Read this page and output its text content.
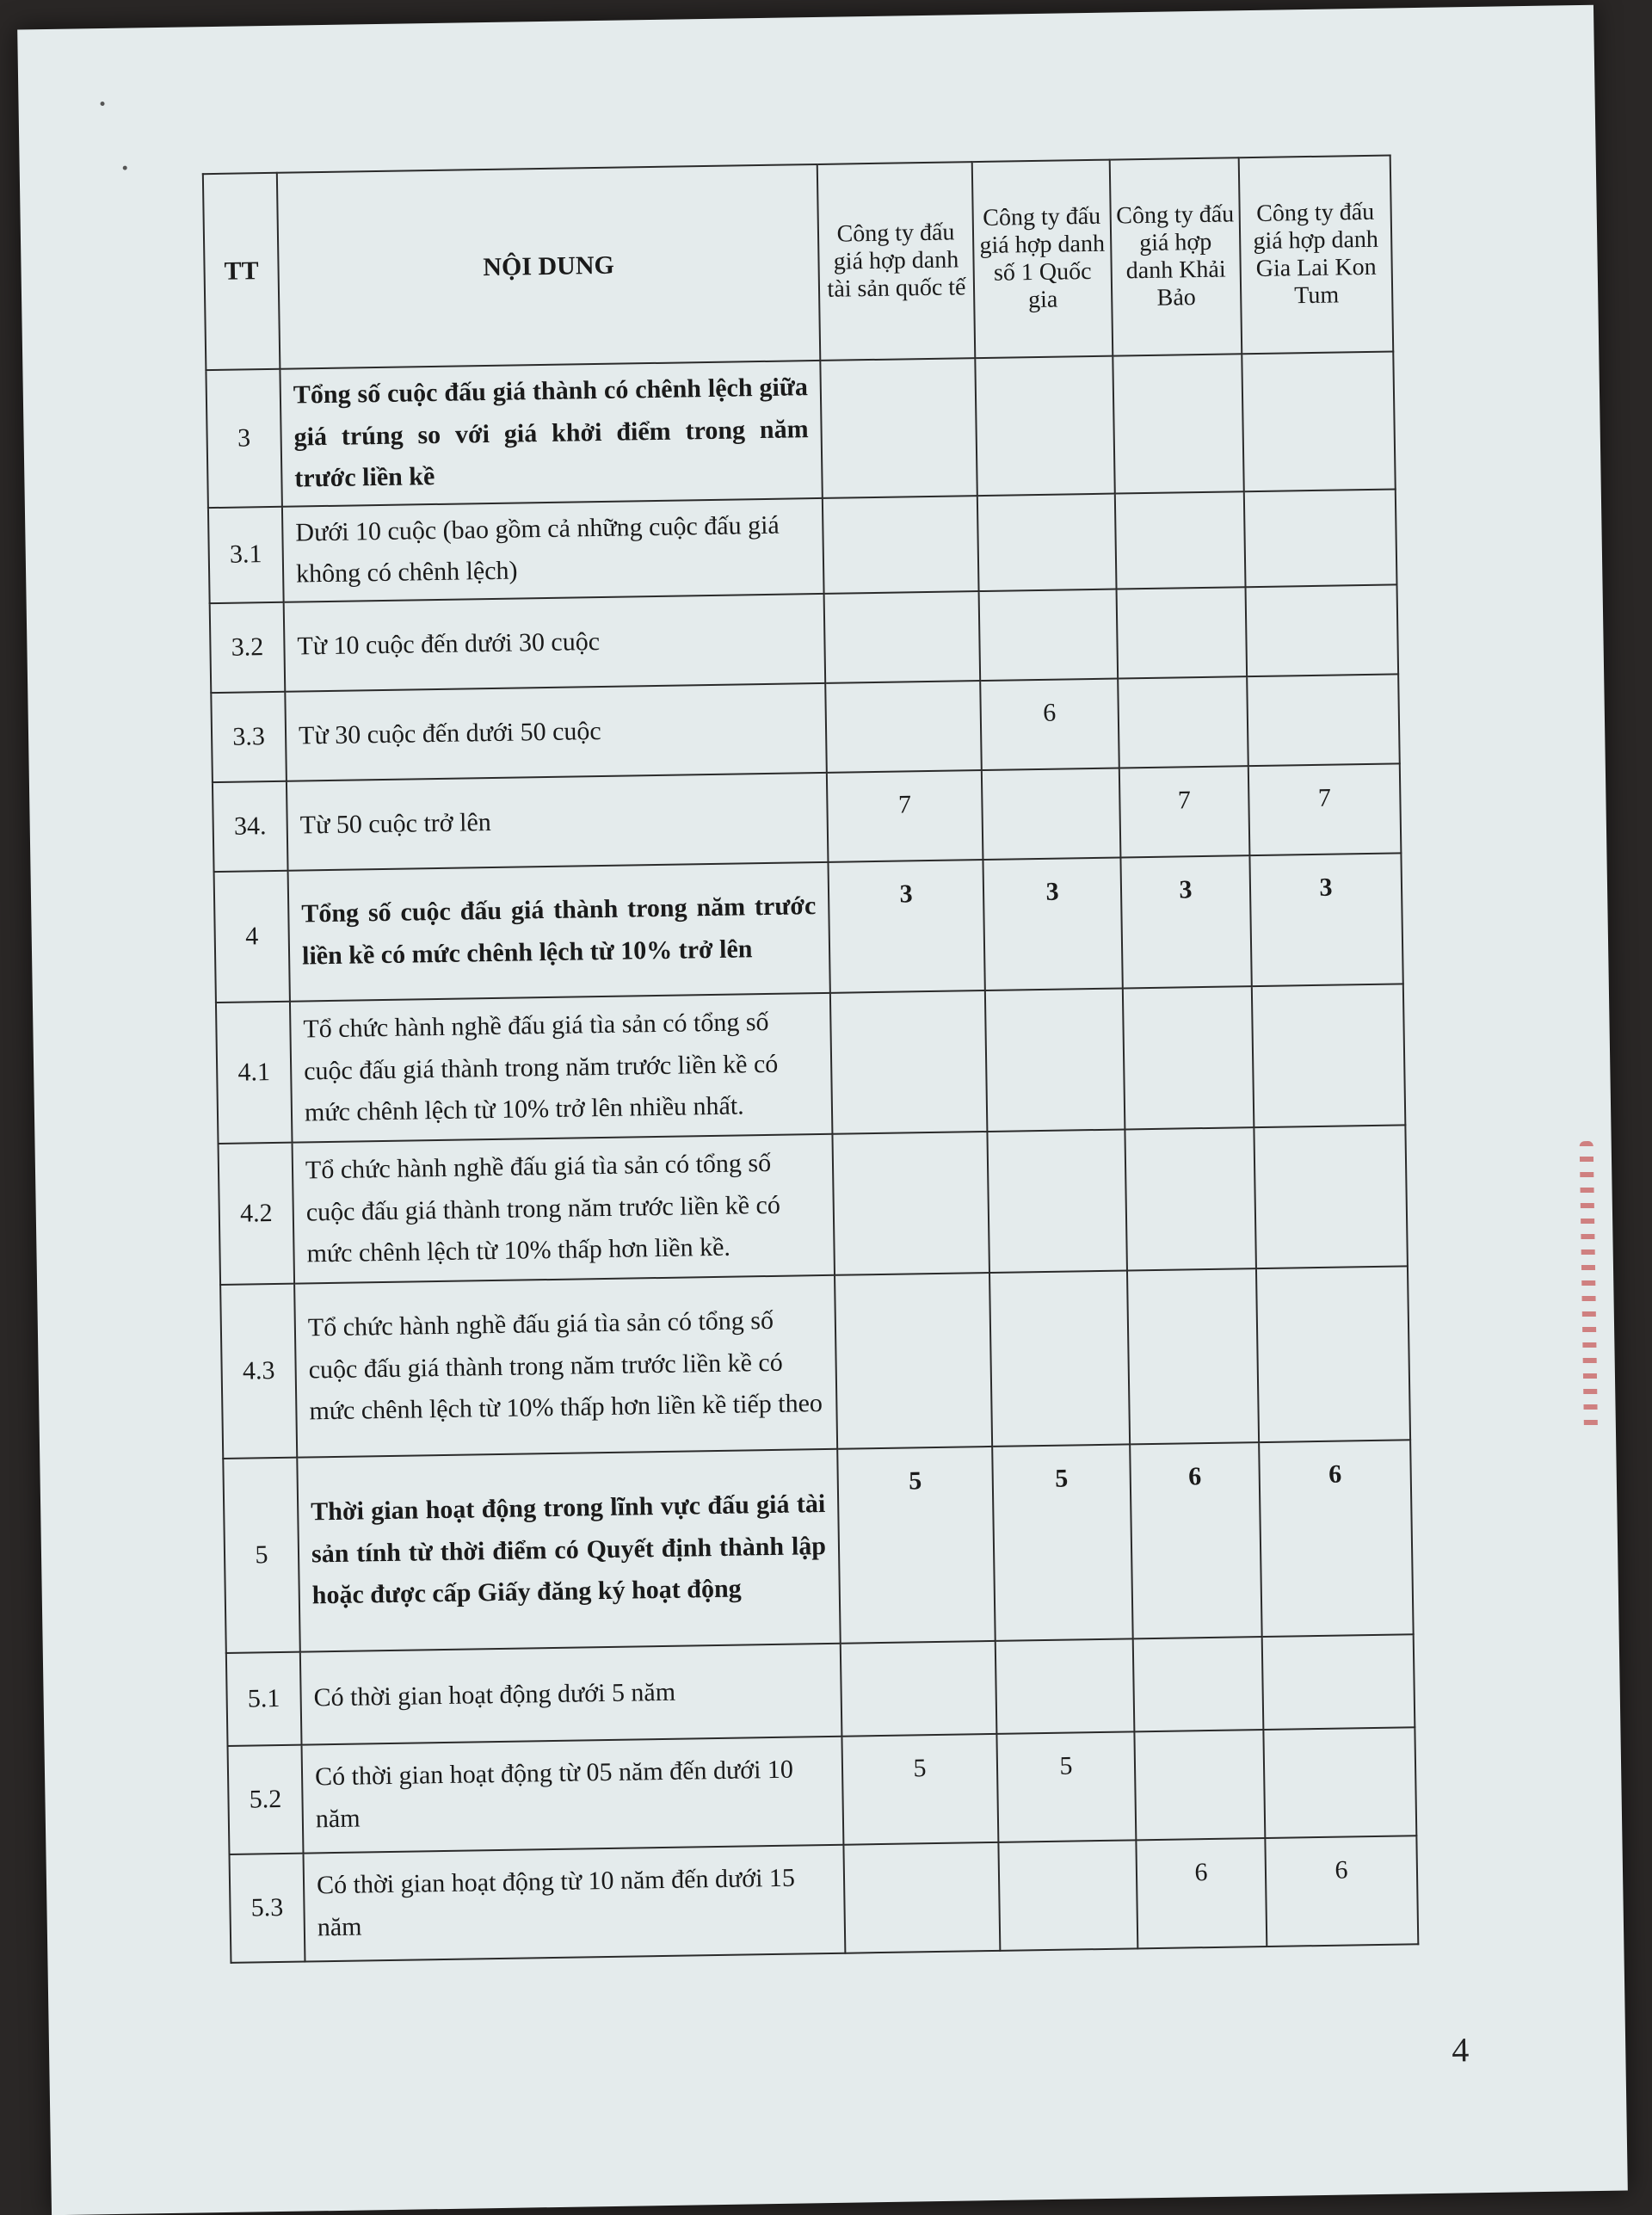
TT	NỘI DUNG	Công ty đấu giá hợp danh tài sản quốc tế	Công ty đấu giá hợp danh số 1 Quốc gia	Công ty đấu giá hợp danh Khải Bảo	Công ty đấu giá hợp danh Gia Lai Kon Tum
3	Tổng số cuộc đấu giá thành có chênh lệch giữa giá trúng so với giá khởi điểm trong năm trước liền kề				
3.1	Dưới 10 cuộc (bao gồm cả những cuộc đấu giá không có chênh lệch)				
3.2	Từ 10 cuộc đến dưới 30 cuộc				
3.3	Từ 30 cuộc đến dưới 50 cuộc		6		
34.	Từ 50 cuộc trở lên	7		7	7
4	Tổng số cuộc đấu giá thành trong năm trước liền kề có mức chênh lệch từ 10% trở lên	3	3	3	3
4.1	Tổ chức hành nghề đấu giá tìa sản có tổng số cuộc đấu giá thành trong năm trước liền kề có mức chênh lệch từ 10% trở lên nhiều nhất.				
4.2	Tổ chức hành nghề đấu giá tìa sản có tổng số cuộc đấu giá thành trong năm trước liền kề có mức chênh lệch từ 10% thấp hơn liền kề.				
4.3	Tổ chức hành nghề đấu giá tìa sản có tổng số cuộc đấu giá thành trong năm trước liền kề có mức chênh lệch từ 10% thấp hơn liền kề tiếp theo				
5	Thời gian hoạt động trong lĩnh vực đấu giá tài sản tính từ thời điểm có Quyết định thành lập hoặc được cấp Giấy đăng ký hoạt động	5	5	6	6
5.1	Có thời gian hoạt động dưới 5 năm				
5.2	Có thời gian hoạt động từ 05 năm đến dưới 10 năm	5	5		
5.3	Có thời gian hoạt động từ 10 năm đến dưới 15 năm			6	6
4
